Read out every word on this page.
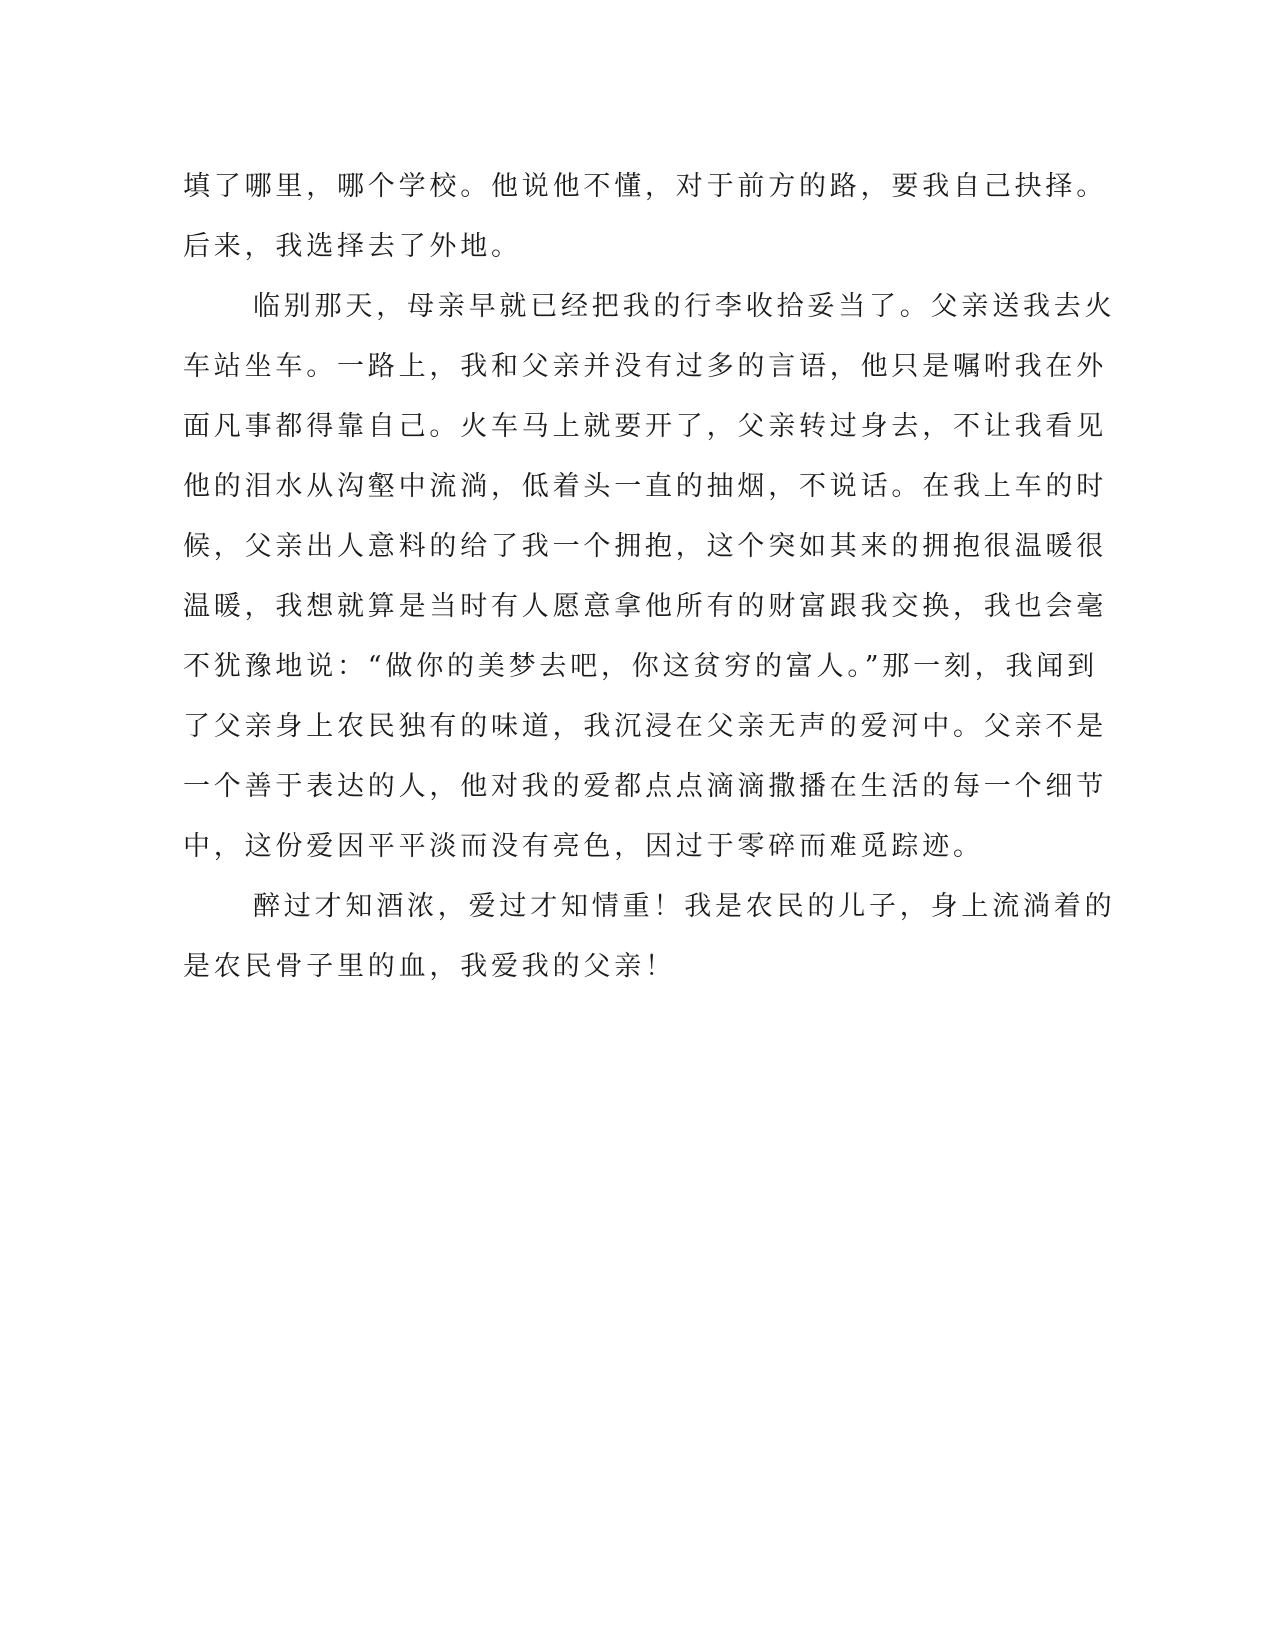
填了哪里，哪个学校。他说他不懂，对于前方的路，要我自己抉择。
后来，我选择去了外地。
临别那天，母亲早就已经把我的行李收拾妥当了。父亲送我去火
车站坐车。一路上，我和父亲并没有过多的言语，他只是嘱咐我在外
面凡事都得靠自己。火车马上就要开了，父亲转过身去，不让我看见
他的泪水从沟壑中流淌，低着头一直的抽烟，不说话。在我上车的时
候，父亲出人意料的给了我一个拥抱，这个突如其来的拥抱很温暖很
温暖，我想就算是当时有人愿意拿他所有的财富跟我交换，我也会毫
不犹豫地说：“做你的美梦去吧，你这贫穷的富人。”那一刻，我闻到
了父亲身上农民独有的味道，我沉浸在父亲无声的爱河中。父亲不是
一个善于表达的人，他对我的爱都点点滴滴撒播在生活的每一个细节
中，这份爱因平平淡而没有亮色，因过于零碎而难觅踪迹。
醉过才知酒浓，爱过才知情重！我是农民的儿子，身上流淌着的
是农民骨子里的血，我爱我的父亲！
